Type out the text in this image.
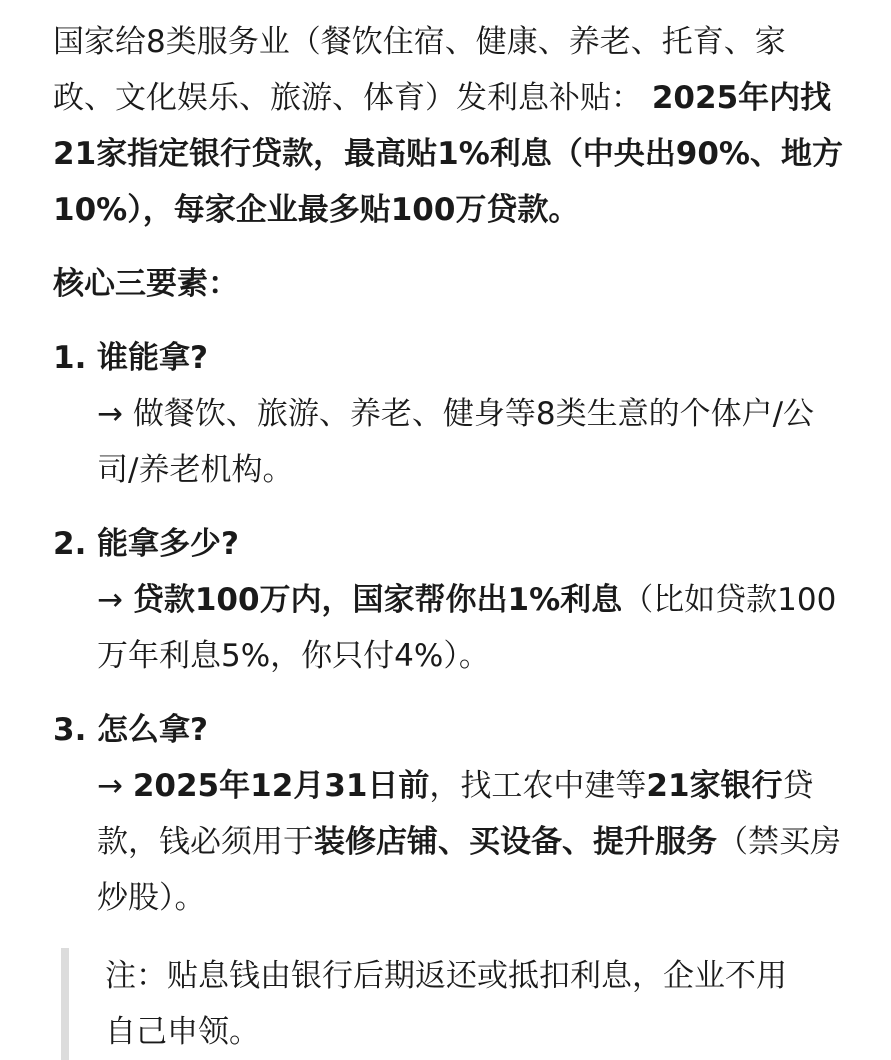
国家给8类服务业（餐饮住宿、健康、养老、托育、家政、文化娱乐、旅游、体育）发利息补贴： 2025年内找21家指定银行贷款，最高贴1%利息（中央出90%、地方10%），每家企业最多贴100万贷款。

核心三要素：
1. 谁能拿?
→ 做餐饮、旅游、养老、健身等8类生意的个体户/公司/养老机构。
2. 能拿多少?
→ 贷款100万内，国家帮你出1%利息（比如贷款100万年利息5%，你只付4%）。
3. 怎么拿?
→ 2025年12月31日前，找工农中建等21家银行贷款，钱必须用于装修店铺、买设备、提升服务（禁买房炒股）。
注：贴息钱由银行后期返还或抵扣利息，企业不用自己申领。
